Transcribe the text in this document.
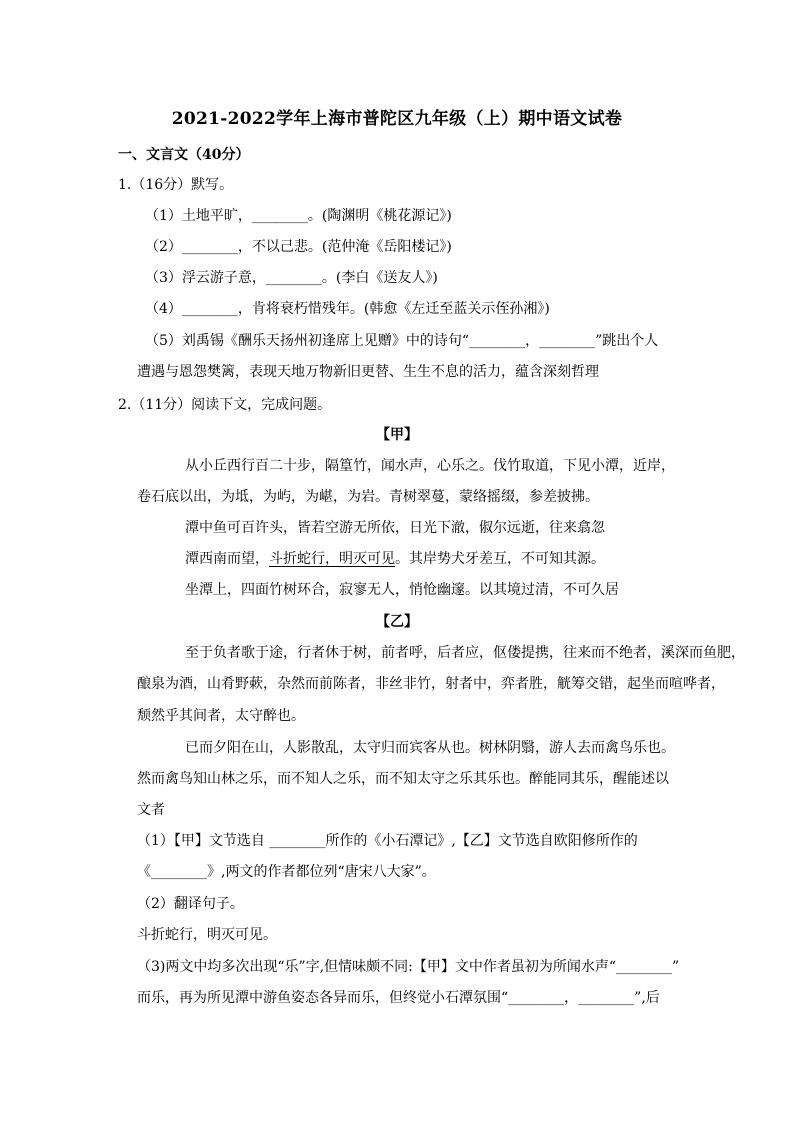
2021-2022学年上海市普陀区九年级（上）期中语文试卷
一、文言文（40分）
1.（16分）默写。
（1）土地平旷，________。(陶渊明《桃花源记》)
（2）________，不以己悲。(范仲淹《岳阳楼记》)
（3）浮云游子意，________。(李白《送友人》)
（4）________，肯将衰朽惜残年。(韩愈《左迁至蓝关示侄孙湘》)
（5）刘禹锡《酬乐天扬州初逢席上见赠》中的诗句“________，________”跳出个人
遭遇与恩怨樊篱，表现天地万物新旧更替、生生不息的活力，蕴含深刻哲理
2.（11分）阅读下文，完成问题。
【甲】
从小丘西行百二十步，隔篁竹，闻水声，心乐之。伐竹取道，下见小潭，近岸，
卷石底以出，为坻，为屿，为嵁，为岩。青树翠蔓，蒙络摇缀，参差披拂。
潭中鱼可百许头，皆若空游无所依，日光下澈，俶尔远逝，往来翕忽
潭西南而望，斗折蛇行，明灭可见。其岸势犬牙差互，不可知其源。
坐潭上，四面竹树环合，寂寥无人，悄怆幽邃。以其境过清，不可久居
【乙】
至于负者歌于途，行者休于树，前者呼，后者应，伛偻提携，往来而不绝者，溪深而鱼肥，
酿泉为酒，山肴野蔌，杂然而前陈者，非丝非竹，射者中，弈者胜，觥筹交错，起坐而喧哗者，
颓然乎其间者，太守醉也。
已而夕阳在山，人影散乱，太守归而宾客从也。树林阴翳，游人去而禽鸟乐也。
然而禽鸟知山林之乐，而不知人之乐，而不知太守之乐其乐也。醉能同其乐，醒能述以
文者
（1）【甲】文节选自 ________所作的《小石潭记》,【乙】文节选自欧阳修所作的
《________》,两文的作者都位列“唐宋八大家”。
（2）翻译句子。
斗折蛇行，明灭可见。
（3)两文中均多次出现“乐”字,但情味颇不同:【甲】文中作者虽初为所闻水声“________”
而乐，再为所见潭中游鱼姿态各异而乐，但终觉小石潭氛围“________，________”,后
